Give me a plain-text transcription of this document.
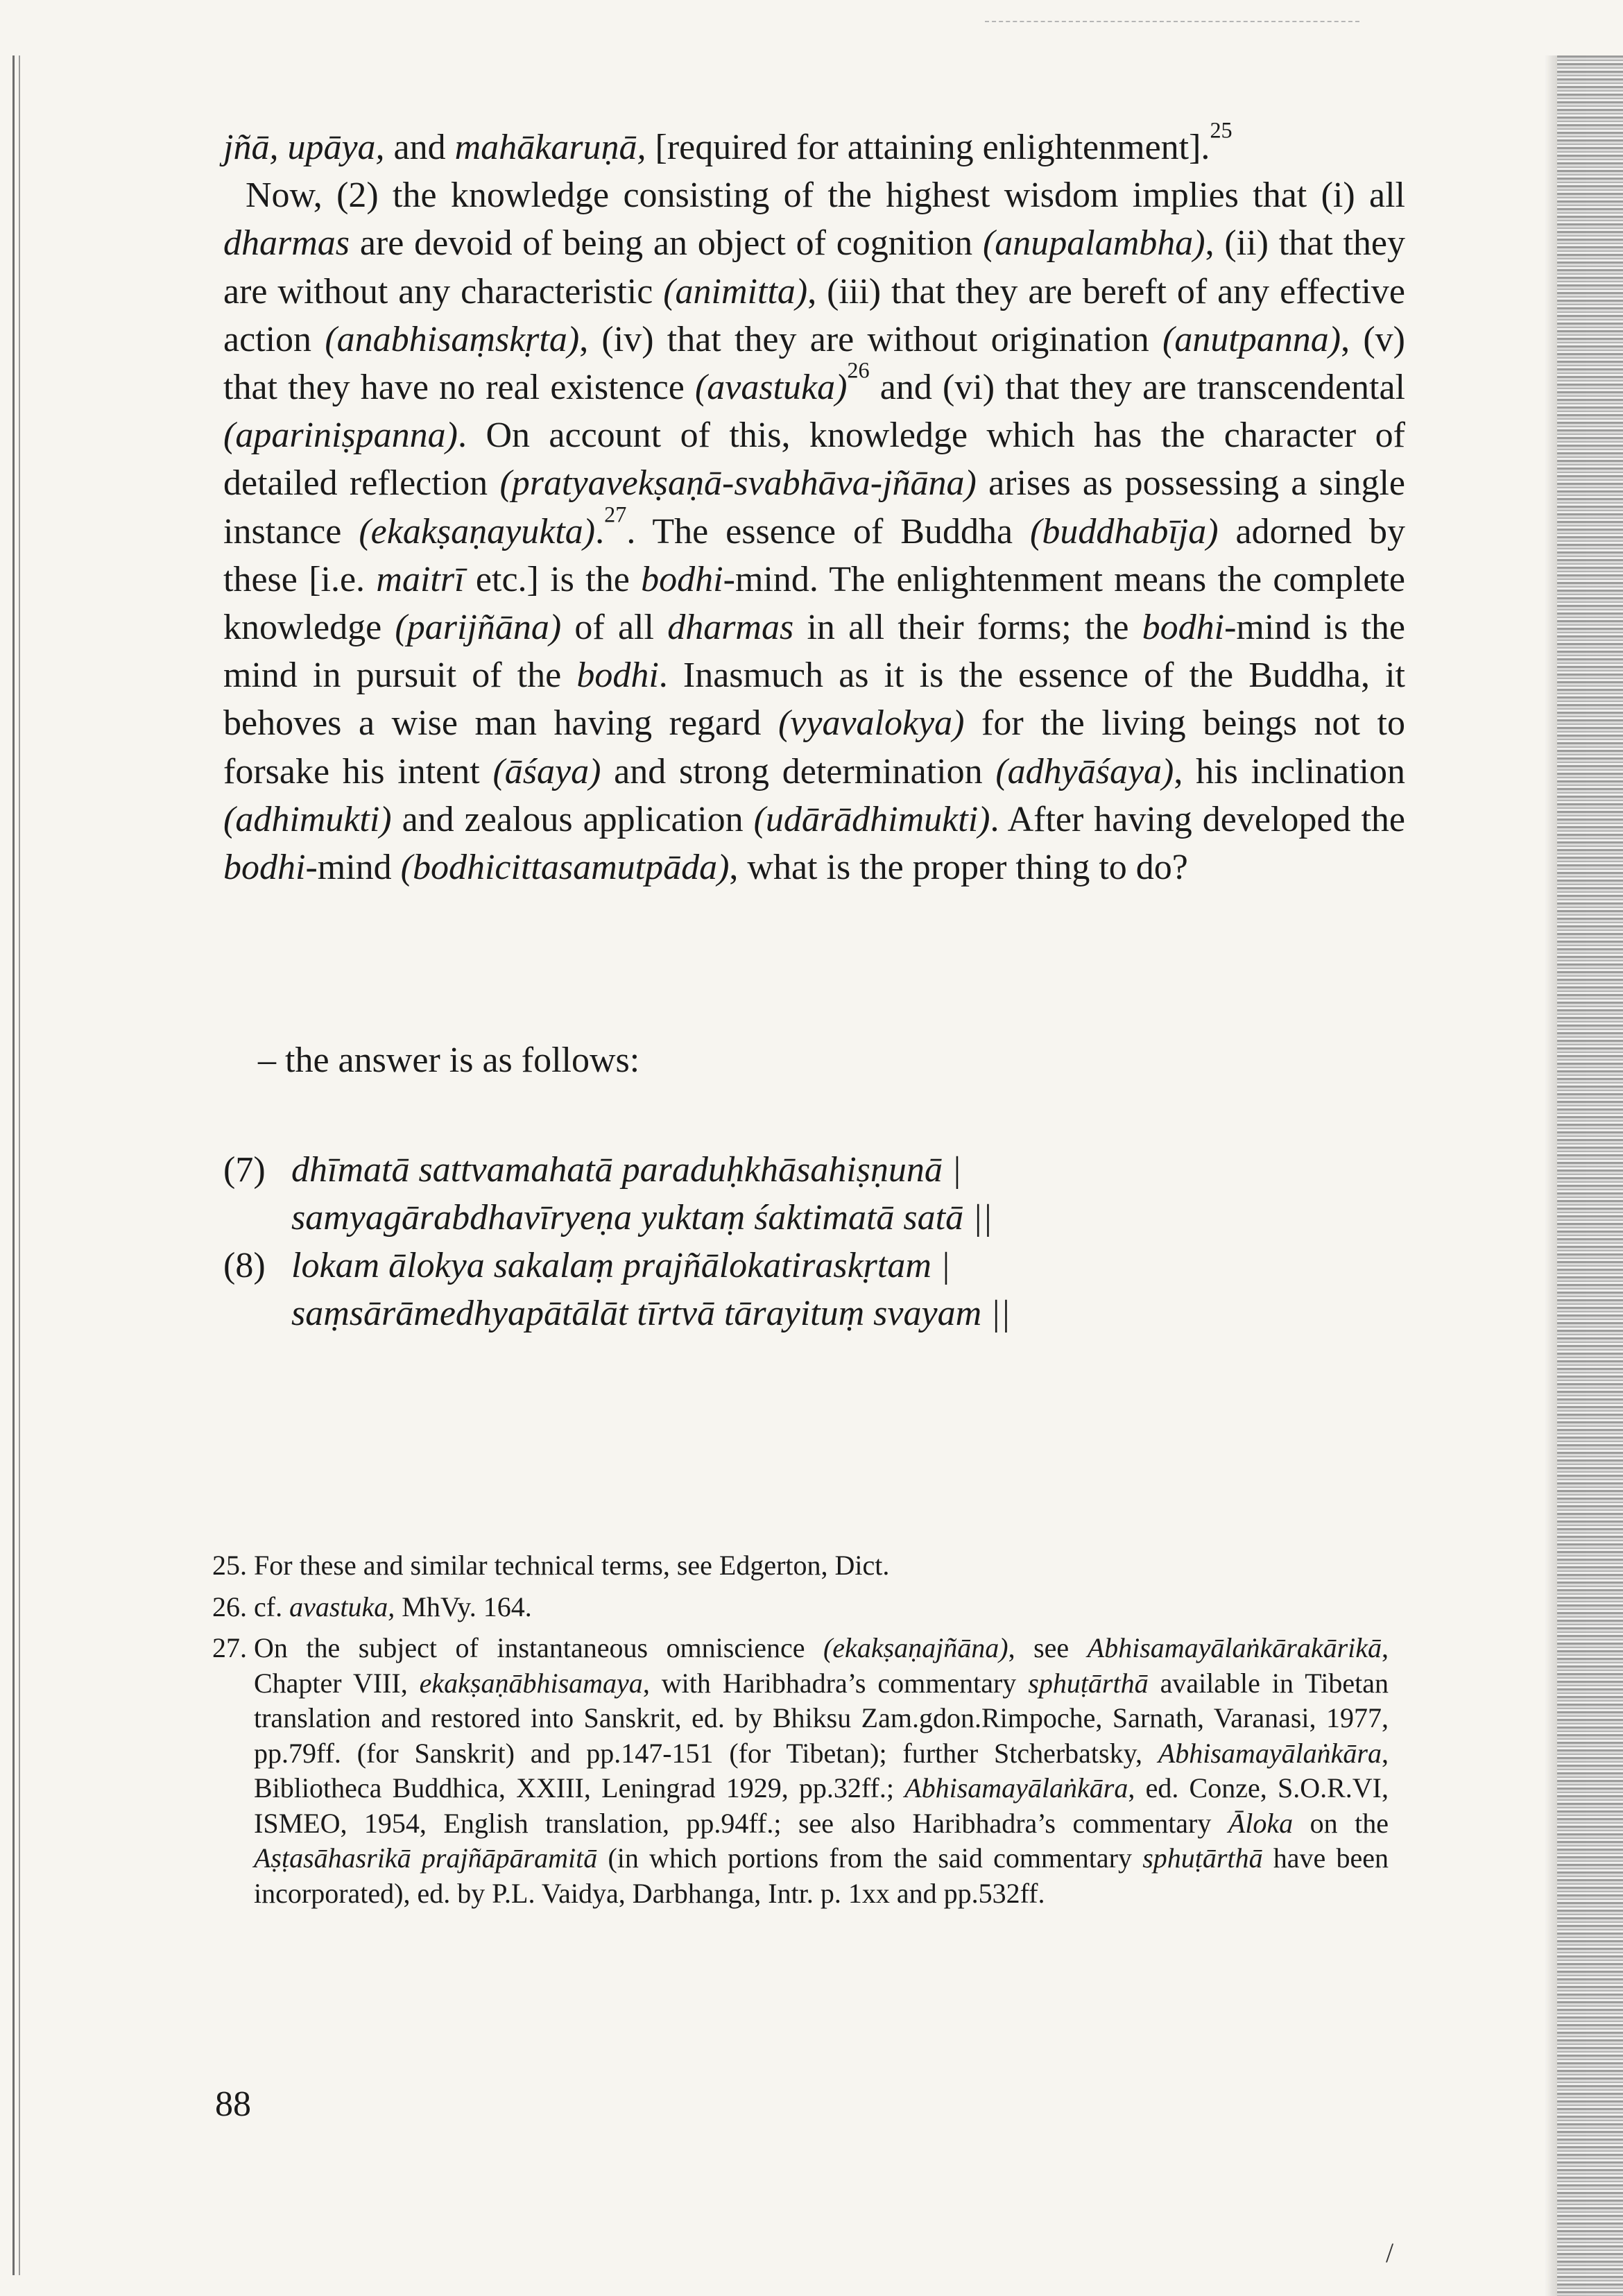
jñā, upāya, and mahākaruṇā, [required for attaining enlightenment].$^{25}$

Now, (2) the knowledge consisting of the highest wisdom implies that (i) all dharmas are devoid of being an object of cognition (anupalambha), (ii) that they are without any characteristic (animitta), (iii) that they are bereft of any effective action (anabhisaṃskṛta), (iv) that they are without origination (anutpanna), (v) that they have no real existence (avastuka)$^{26}$ and (vi) that they are transcendental (apariniṣpanna). On account of this, knowledge which has the character of detailed reflection (pratyavekṣaṇā-svabhāva-jñāna) arises as possessing a single instance (ekakṣaṇayukta).$^{27}$. The essence of Buddha (buddhabīja) adorned by these [i.e. maitrī etc.] is the bodhi-mind. The enlightenment means the complete knowledge (parijñāna) of all dharmas in all their forms; the bodhi-mind is the mind in pursuit of the bodhi. Inasmuch as it is the essence of the Buddha, it behoves a wise man having regard (vyavalokya) for the living beings not to forsake his intent (āśaya) and strong determination (adhyāśaya), his inclination (adhimukti) and zealous application (udārādhimukti). After having developed the bodhi-mind (bodhicittasamutpāda), what is the proper thing to do?

– the answer is as follows:
(7) dhīmatā sattvamahatā paraduḥkhāsahiṣṇunā |
samyagārabdhavīryeṇa yuktaṃ śaktimatā satā ||
(8) lokam ālokya sakalaṃ prajñālokatiraskṛtam |
saṃsārāmedhyapātālāt tīrtvā tārayituṃ svayam ||
25. For these and similar technical terms, see Edgerton, Dict.
26. cf. avastuka, MhVy. 164.
27. On the subject of instantaneous omniscience (ekakṣaṇajñāna), see Abhisamayālaṅkārakārikā, Chapter VIII, ekakṣaṇābhisamaya, with Haribhadra’s commentary sphuṭārthā available in Tibetan translation and restored into Sanskrit, ed. by Bhiksu Zam.gdon.Rimpoche, Sarnath, Varanasi, 1977, pp.79ff. (for Sanskrit) and pp.147-151 (for Tibetan); further Stcherbatsky, Abhisamayālaṅkāra, Bibliotheca Buddhica, XXIII, Leningrad 1929, pp.32ff.; Abhisamayālaṅkāra, ed. Conze, S.O.R.VI, ISMEO, 1954, English translation, pp.94ff.; see also Haribhadra’s commentary Āloka on the Aṣṭasāhasrikā prajñāpāramitā (in which portions from the said commentary sphuṭārthā have been incorporated), ed. by P.L. Vaidya, Darbhanga, Intr. p. 1xx and pp.532ff.
88
/
